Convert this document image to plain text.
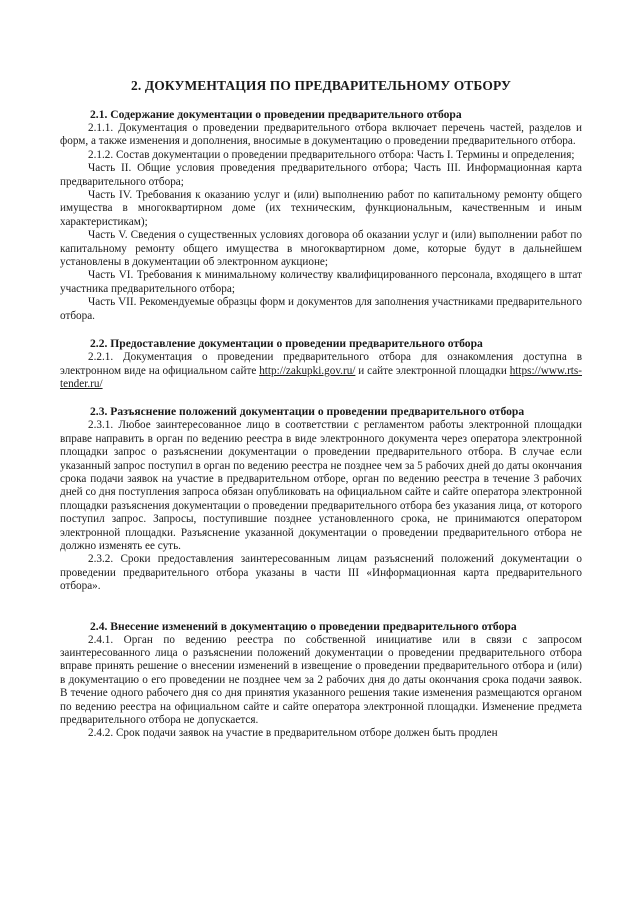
2. ДОКУМЕНТАЦИЯ ПО ПРЕДВАРИТЕЛЬНОМУ ОТБОРУ
2.1. Содержание документации о проведении предварительного отбора

2.1.1. Документация о проведении предварительного отбора включает перечень частей, разделов и форм, а также изменения и дополнения, вносимые в документацию о проведении предварительного отбора.

2.1.2. Состав документации о проведении предварительного отбора: Часть I. Термины и определения;

Часть II. Общие условия проведения предварительного отбора; Часть III. Информационная карта предварительного отбора;

Часть IV. Требования к оказанию услуг и (или) выполнению работ по капитальному ремонту общего имущества в многоквартирном доме (их техническим, функциональным, качественным и иным характеристикам);

Часть V. Сведения о существенных условиях договора об оказании услуг и (или) выполнении работ по капитальному ремонту общего имущества в многоквартирном доме, которые будут в дальнейшем установлены в документации об электронном аукционе;

Часть VI. Требования к минимальному количеству квалифицированного персонала, входящего в штат участника предварительного отбора;

Часть VII. Рекомендуемые образцы форм и документов для заполнения участниками предварительного отбора.

2.2. Предоставление документации о проведении предварительного отбора

2.2.1. Документация о проведении предварительного отбора для ознакомления доступна в электронном виде на официальном сайте http://zakupki.gov.ru/ и сайте электронной площадки https://www.rts-tender.ru/

2.3. Разъяснение положений документации о проведении предварительного отбора

2.3.1. Любое заинтересованное лицо в соответствии с регламентом работы электронной площадки вправе направить в орган по ведению реестра в виде электронного документа через оператора электронной площадки запрос о разъяснении документации о проведении предварительного отбора. В случае если указанный запрос поступил в орган по ведению реестра не позднее чем за 5 рабочих дней до даты окончания срока подачи заявок на участие в предварительном отборе, орган по ведению реестра в течение 3 рабочих дней со дня поступления запроса обязан опубликовать на официальном сайте и сайте оператора электронной площадки разъяснения документации о проведении предварительного отбора без указания лица, от которого поступил запрос. Запросы, поступившие позднее установленного срока, не принимаются оператором электронной площадки. Разъяснение указанной документации о проведении предварительного отбора не должно изменять ее суть.

2.3.2. Сроки предоставления заинтересованным лицам разъяснений положений документации о проведении предварительного отбора указаны в части III «Информационная карта предварительного отбора».

2.4. Внесение изменений в документацию о проведении предварительного отбора

2.4.1. Орган по ведению реестра по собственной инициативе или в связи с запросом заинтересованного лица о разъяснении положений документации о проведении предварительного отбора вправе принять решение о внесении изменений в извещение о проведении предварительного отбора и (или) в документацию о его проведении не позднее чем за 2 рабочих дня до даты окончания срока подачи заявок. В течение одного рабочего дня со дня принятия указанного решения такие изменения размещаются органом по ведению реестра на официальном сайте и сайте оператора электронной площадки. Изменение предмета предварительного отбора не допускается.

2.4.2. Срок подачи заявок на участие в предварительном отборе должен быть продлен
